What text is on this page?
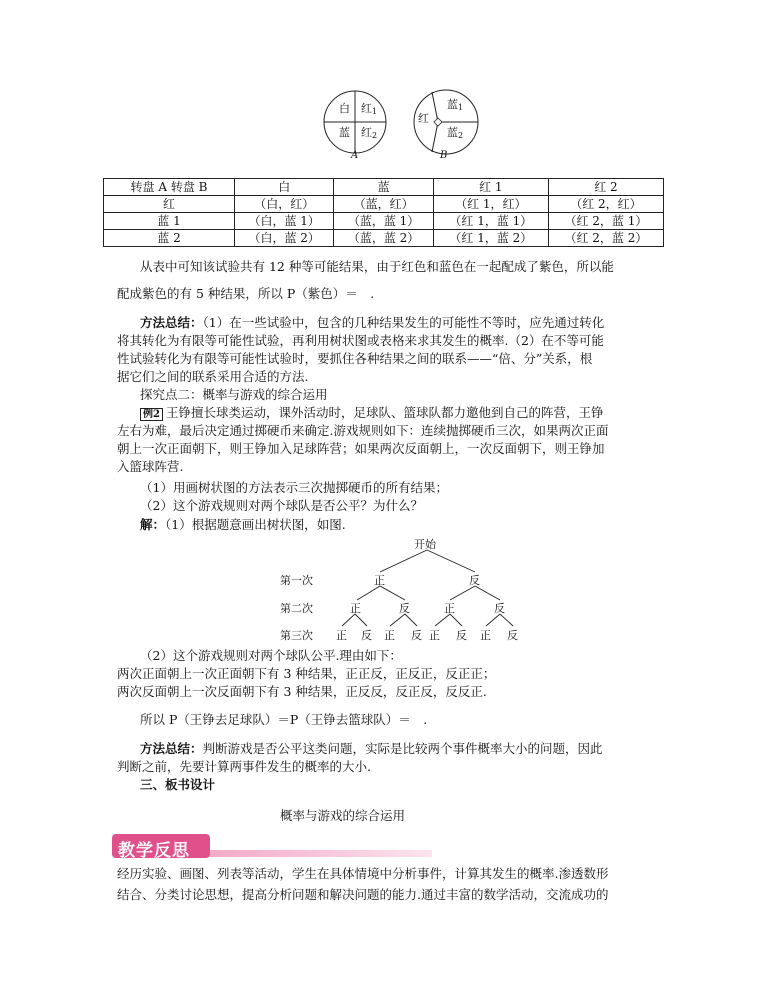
白 红$_1$
蓝 红$_2$
A
红
蓝$_1$
蓝$_2$
B
转盘 A 转盘 B	白	蓝	红 1	红 2
红	（白，红）	（蓝，红）	（红 1，红）	（红 2，红）
蓝 1	（白，蓝 1）	（蓝，蓝 1）	（红 1，蓝 1）	（红 2，蓝 1）
蓝 2	（白，蓝 2）	（蓝，蓝 2）	（红 1，蓝 2）	（红 2，蓝 2）
从表中可知该试验共有 12 种等可能结果，由于红色和蓝色在一起配成了紫色，所以能
配成紫色的有 5 种结果，所以 P（紫色）＝　.
方法总结：（1）在一些试验中，包含的几种结果发生的可能性不等时，应先通过转化
将其转化为有限等可能性试验，再利用树状图或表格来求其发生的概率.（2）在不等可能
性试验转化为有限等可能性试验时，要抓住各种结果之间的联系——“倍、分”关系，根
据它们之间的联系采用合适的方法.
探究点二：概率与游戏的综合运用
例2 王铮擅长球类运动，课外活动时，足球队、篮球队都力邀他到自己的阵营，王铮
左右为难，最后决定通过掷硬币来确定.游戏规则如下：连续抛掷硬币三次，如果两次正面
朝上一次正面朝下，则王铮加入足球阵营；如果两次反面朝上，一次反面朝下，则王铮加
入篮球阵营.
（1）用画树状图的方法表示三次抛掷硬币的所有结果；
（2）这个游戏规则对两个球队是否公平？为什么？
解：（1）根据题意画出树状图，如图.
开始
第一次
第二次
第三次
正	反
正	反	正	反
正 反 正 反 正 反 正 反
（2）这个游戏规则对两个球队公平.理由如下：
两次正面朝上一次正面朝下有 3 种结果，正正反，正反正，反正正；
两次反面朝上一次反面朝下有 3 种结果，正反反，反正反，反反正.
所以 P（王铮去足球队）＝P（王铮去篮球队）＝　.
方法总结：判断游戏是否公平这类问题，实际是比较两个事件概率大小的问题，因此
判断之前，先要计算两事件发生的概率的大小.
三、板书设计
概率与游戏的综合运用
教学反思
经历实验、画图、列表等活动，学生在具体情境中分析事件，计算其发生的概率.渗透数形
结合、分类讨论思想，提高分析问题和解决问题的能力.通过丰富的数学活动，交流成功的
